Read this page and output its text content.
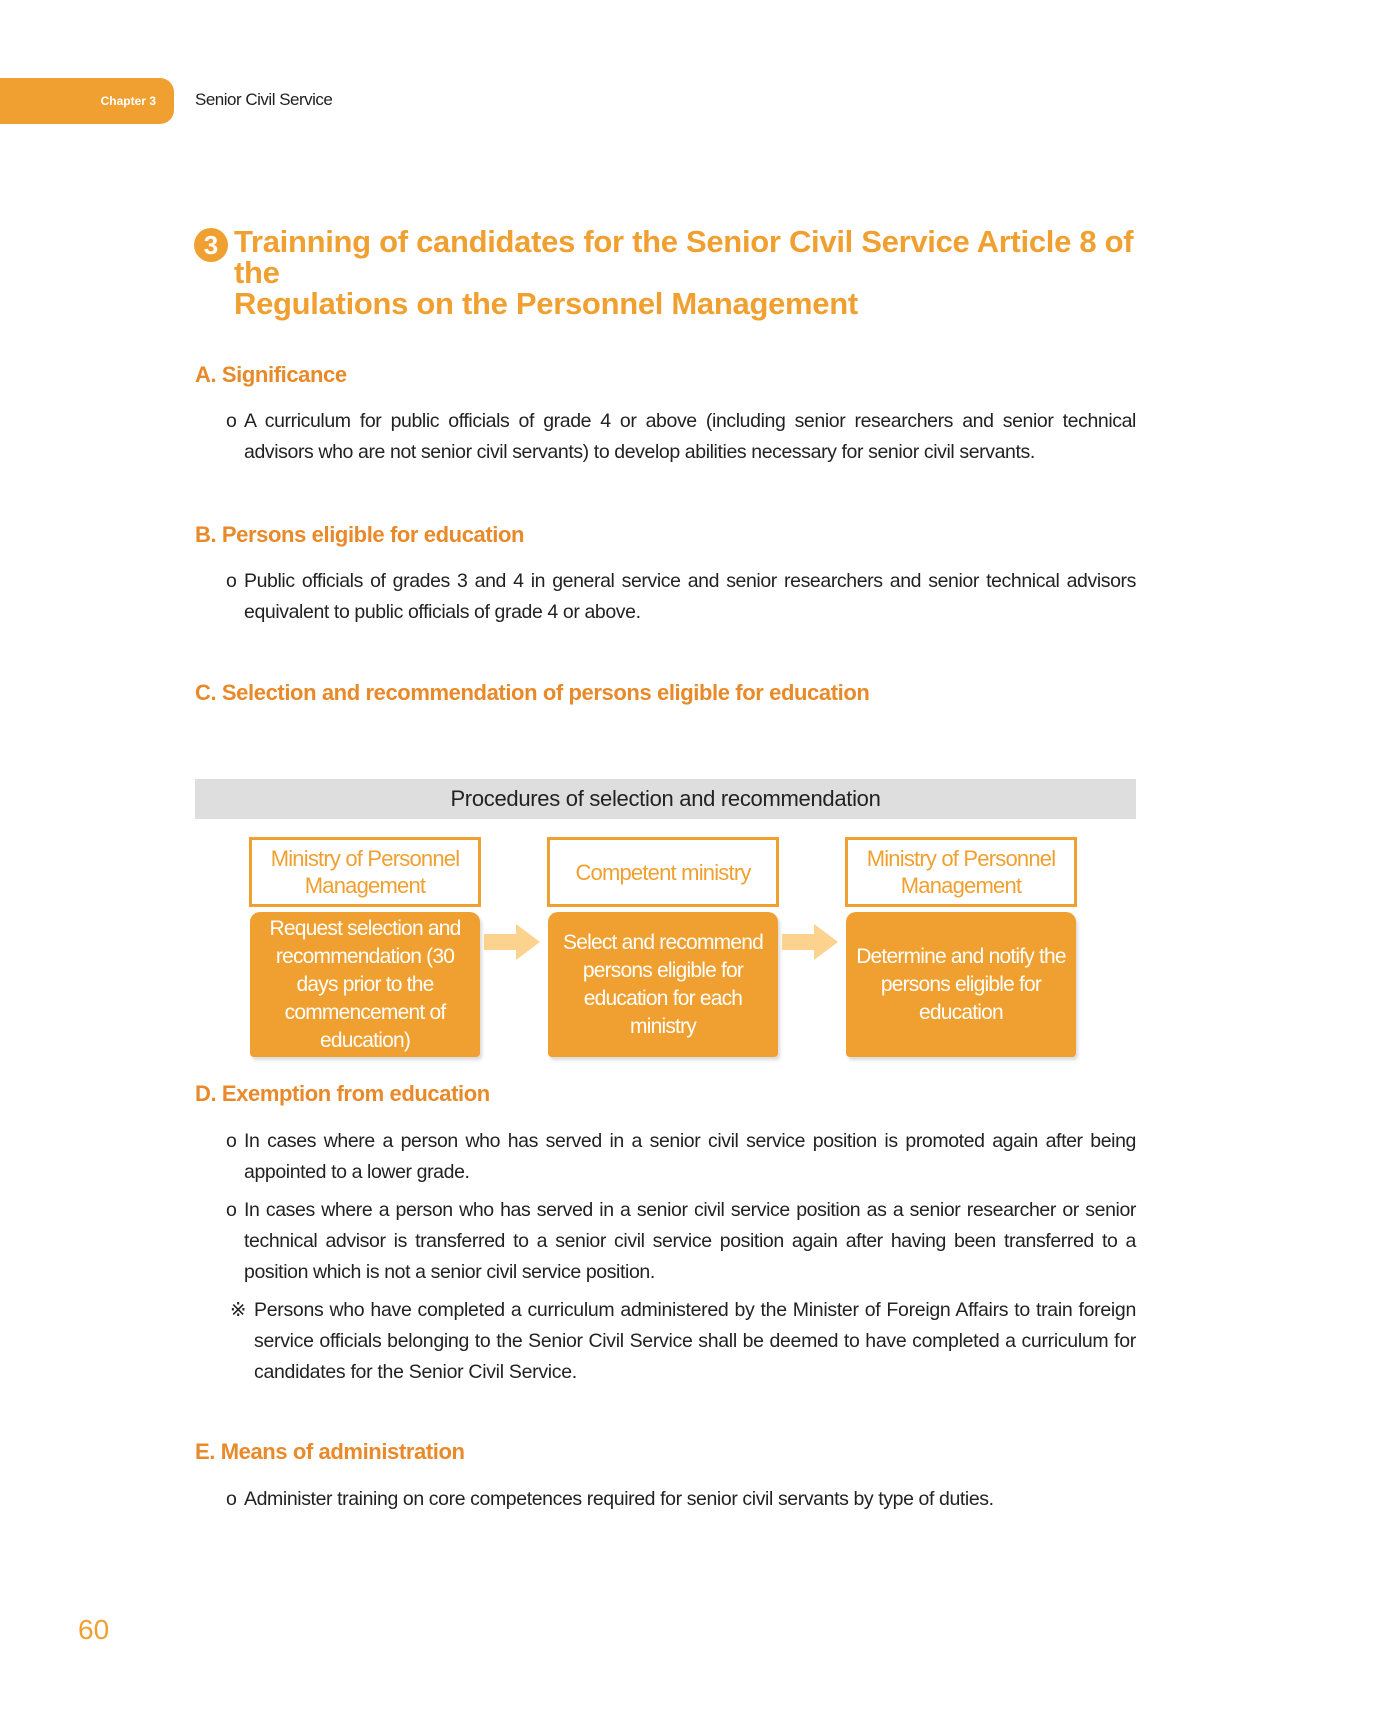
Chapter 3	Senior Civil Service
3 Trainning of candidates for the Senior Civil Service Article 8 of the
Regulations on the Personnel Management
A. Significance
o A curriculum for public officials of grade 4 or above (including senior researchers and senior technical advisors who are not senior civil servants) to develop abilities necessary for senior civil servants.
B. Persons eligible for education
o Public officials of grades 3 and 4 in general service and senior researchers and senior technical advisors equivalent to public officials of grade 4 or above.
C. Selection and recommendation of persons eligible for education
Procedures of selection and recommendation
Ministry of Personnel Management
Request selection and recommendation (30 days prior to the commencement of education)
Competent ministry
Select and recommend persons eligible for education for each ministry
Ministry of Personnel Management
Determine and notify the persons eligible for education
D. Exemption from education
o In cases where a person who has served in a senior civil service position is promoted again after being appointed to a lower grade.
o In cases where a person who has served in a senior civil service position as a senior researcher or senior technical advisor is transferred to a senior civil service position again after having been transferred to a position which is not a senior civil service position.
※ Persons who have completed a curriculum administered by the Minister of Foreign Affairs to train foreign service officials belonging to the Senior Civil Service shall be deemed to have completed a curriculum for candidates for the Senior Civil Service.
E. Means of administration
o Administer training on core competences required for senior civil servants by type of duties.
60
